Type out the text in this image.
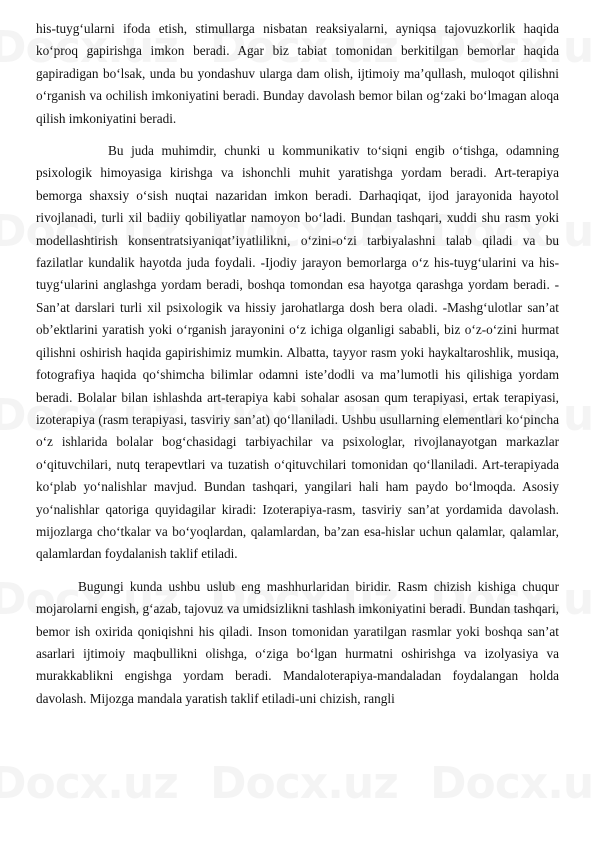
his-tuyg‘ularni ifoda etish, stimullarga nisbatan reaksiyalarni, ayniqsa tajovuzkorlik haqida ko‘proq gapirishga imkon beradi. Agar biz tabiat tomonidan berkitilgan bemorlar haqida gapiradigan bo‘lsak, unda bu yondashuv ularga dam olish, ijtimoiy ma’qullash, muloqot qilishni o‘rganish va ochilish imkoniyatini beradi. Bunday davolash bemor bilan og‘zaki bo‘lmagan aloqa qilish imkoniyatini beradi.

Bu juda muhimdir, chunki u kommunikativ to‘siqni engib o‘tishga, odamning psixologik himoyasiga kirishga va ishonchli muhit yaratishga yordam beradi. Art-terapiya bemorga shaxsiy o‘sish nuqtai nazaridan imkon beradi. Darhaqiqat, ijod jarayonida hayotol rivojlanadi, turli xil badiiy qobiliyatlar namoyon bo‘ladi. Bundan tashqari, xuddi shu rasm yoki modellashtirish konsentratsiyaniqat’iyatlilikni, o‘zini-o‘zi tarbiyalashni talab qiladi va bu fazilatlar kundalik hayotda juda foydali. -Ijodiy jarayon bemorlarga o‘z his-tuyg‘ularini va his-tuyg‘ularini anglashga yordam beradi, boshqa tomondan esa hayotga qarashga yordam beradi. -San’at darslari turli xil psixologik va hissiy jarohatlarga dosh bera oladi. -Mashg‘ulotlar san’at ob’ektlarini yaratish yoki o‘rganish jarayonini o‘z ichiga olganligi sababli, biz o‘z-o‘zini hurmat qilishni oshirish haqida gapirishimiz mumkin. Albatta, tayyor rasm yoki haykaltaroshlik, musiqa, fotografiya haqida qo‘shimcha bilimlar odamni iste’dodli va ma’lumotli his qilishiga yordam beradi. Bolalar bilan ishlashda art-terapiya kabi sohalar asosan qum terapiyasi, ertak terapiyasi, izoterapiya (rasm terapiyasi, tasviriy san’at) qo‘llaniladi. Ushbu usullarning elementlari ko‘pincha o‘z ishlarida bolalar bog‘chasidagi tarbiyachilar va psixologlar, rivojlanayotgan markazlar o‘qituvchilari, nutq terapevtlari va tuzatish o‘qituvchilari tomonidan qo‘llaniladi. Art-terapiyada ko‘plab yo‘nalishlar mavjud. Bundan tashqari, yangilari hali ham paydo bo‘lmoqda. Asosiy yo‘nalishlar qatoriga quyidagilar kiradi: Izoterapiya-rasm, tasviriy san’at yordamida davolash. mijozlarga cho‘tkalar va bo‘yoqlardan, qalamlardan, ba’zan esa-hislar uchun qalamlar, qalamlar, qalamlardan foydalanish taklif etiladi.

Bugungi kunda ushbu uslub eng mashhurlaridan biridir. Rasm chizish kishiga chuqur mojarolarni engish, g‘azab, tajovuz va umidsizlikni tashlash imkoniyatini beradi. Bundan tashqari, bemor ish oxirida qoniqishni his qiladi. Inson tomonidan yaratilgan rasmlar yoki boshqa san’at asarlari ijtimoiy maqbullikni olishga, o‘ziga bo‘lgan hurmatni oshirishga va izolyasiya va murakkablikni engishga yordam beradi. Mandaloterapiya-mandaladan foydalangan holda davolash. Mijozga mandala yaratish taklif etiladi-uni chizish, rangli
